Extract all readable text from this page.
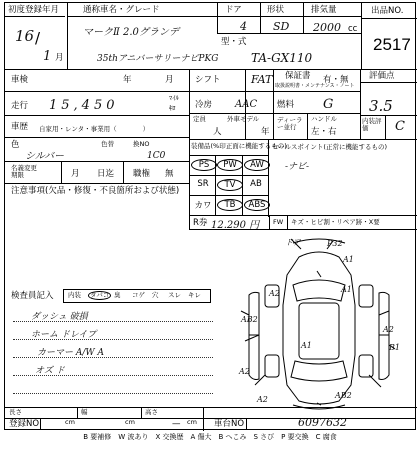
初度登録年月
16 /
1 月
通称車名・グレード
マークⅡ 2.0グランデ
35thアニバーサリーナビPKG
ドア
4
形状
SD
排気量
2000 cc
型・式
TA-GX110
出品NO.
2517
車検	年	月
走行 15,450	ﾏｲﾙ
ｷﾛ
車歴 自家用・レンタ・事業用（　　　　）
色
シルバー
色替	換NO
1C0
名義変更期限	月 日迄 職権 無
注意事項(欠品・修復・不良箇所および状態)
シフト	FAT 保証書
取扱説明書・メンテナンス・ノート
有・無
冷房 AAC 燃料 G
定員
人
外車モデル
年
ディーラー並行
ハンドル
左・右
評価点
3.5
内装評価	C
装備品(%印正面に機能するもの)
PS	PW	AW
SR	TV	AB
カワ	TB	ABS
R券 12.290 円
セールスポイント(正常に機能するもの)
-ナビ-
FW キズ・ヒビ割・リペア跡・X要
検査員記入 内装	タバコ 臭 コゲ 穴 スレ キレ
ダッシュ 破損
ホーム ドレイプ
カーマー A/W A
オズ ド
ドア	P32
A1
A2	A1
AB2
A1	B1
A2
A2
AB2
A2
長さ
cm
幅
cm
高さ
cm
登録NO	—	車台NO	6097632
B 要補修　W 波あり　X 交換歴　A 傷大　B へこみ　S さび　P 要交換　C 腐食
